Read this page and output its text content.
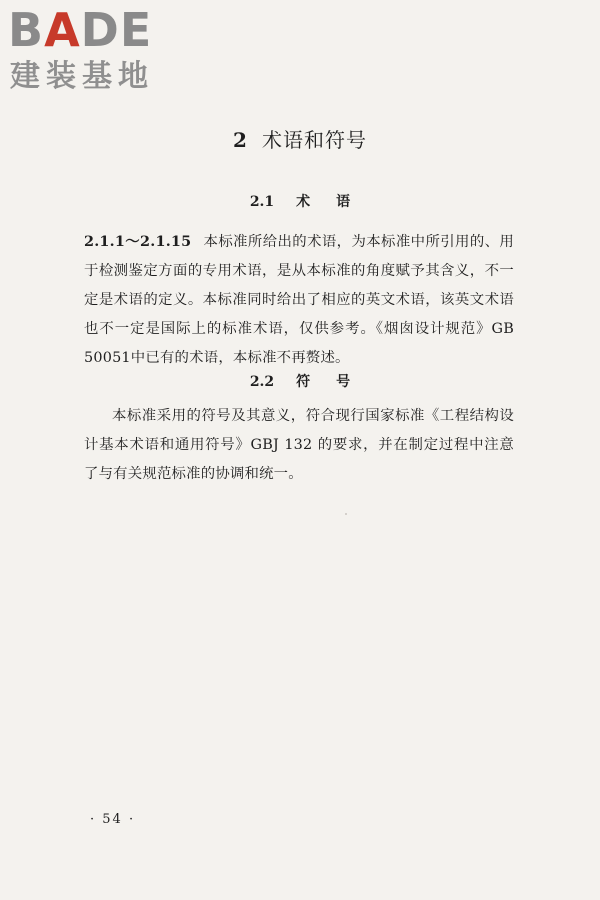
BADE
建装基地
2 术语和符号
2.1 术 语
2.1.1～2.1.15 本标准所给出的术语，为本标准中所引用的、用于检测鉴定方面的专用术语，是从本标准的角度赋予其含义，不一定是术语的定义。本标准同时给出了相应的英文术语，该英文术语也不一定是国际上的标准术语，仅供参考。《烟囱设计规范》GB 50051中已有的术语，本标准不再赘述。
2.2 符 号
本标准采用的符号及其意义，符合现行国家标准《工程结构设计基本术语和通用符号》GBJ 132 的要求，并在制定过程中注意了与有关规范标准的协调和统一。
· 54 ·
